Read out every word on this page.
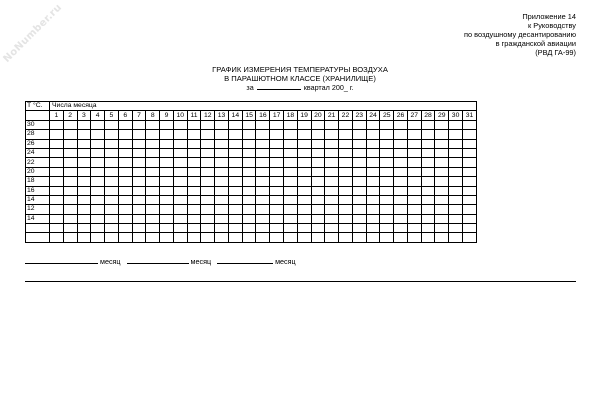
NoNumber.ru	Приложение 14
к Руководству
по воздушному десантированию
в гражданской авиации
(РВД ГА-99)
ГРАФИК ИЗМЕРЕНИЯ ТЕМПЕРАТУРЫ ВОЗДУХА
В ПАРАШЮТНОМ КЛАССЕ (ХРАНИЛИЩЕ)
за	квартал 200_ г.
Т °С.	Числа месяца																														
	1	2	3	4	5	6	7	8	9	10	11	12	13	14	15	16	17	18	19	20	21	22	23	24	25	26	27	28	29	30	31
30																															
28																															
26																															
24																															
22																															
20																															
18																															
16																															
14																															
12																															
14																															

месяц	месяц	месяц
